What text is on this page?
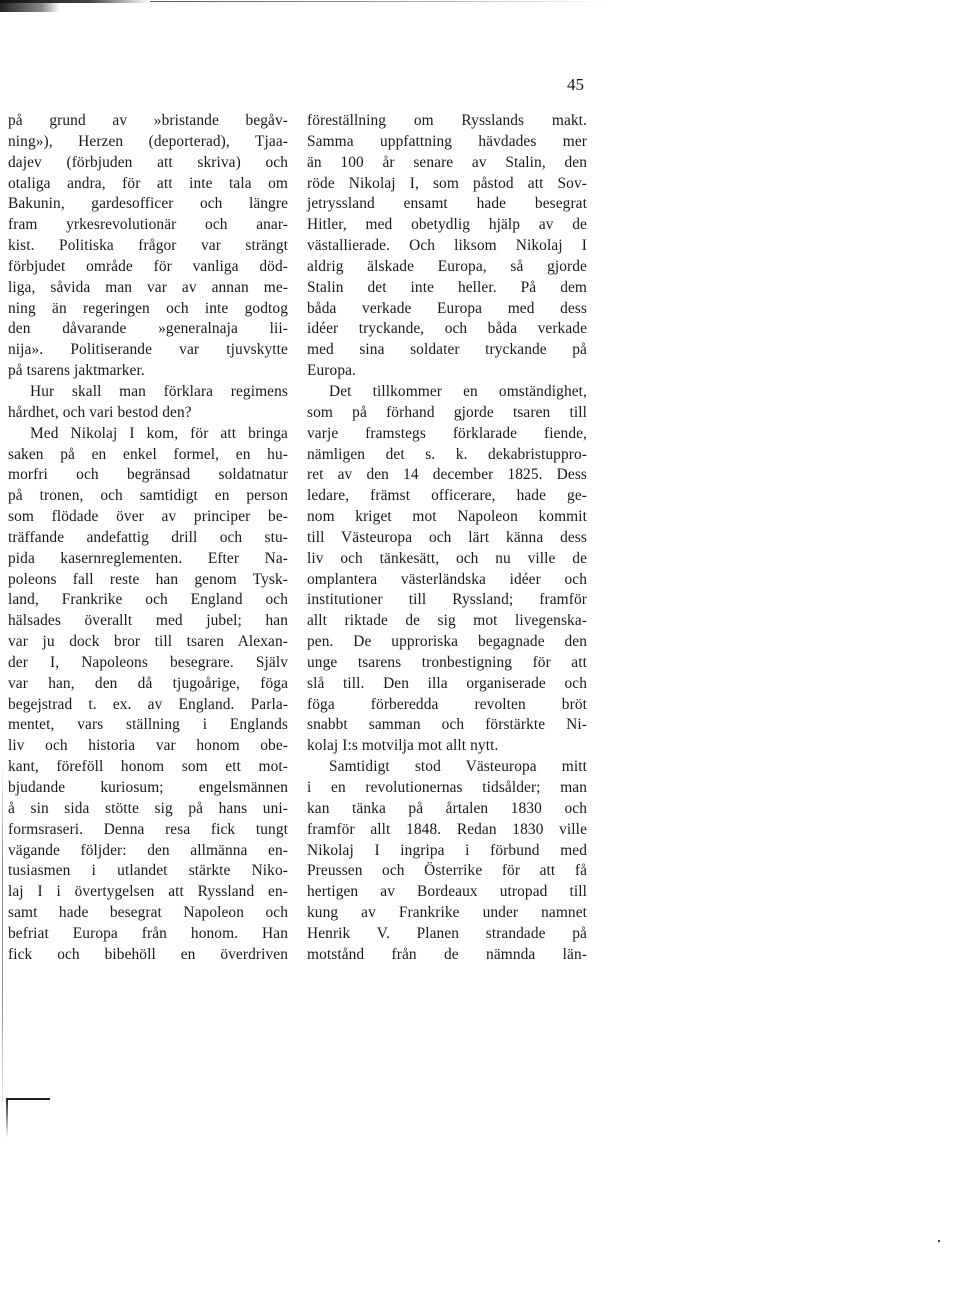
45
på grund av »bristande begåv-
ning»), Herzen (deporterad), Tjaa-
dajev (förbjuden att skriva) och
otaliga andra, för att inte tala om
Bakunin, gardesofficer och längre
fram yrkesrevolutionär och anar-
kist. Politiska frågor var strängt
förbjudet område för vanliga död-
liga, såvida man var av annan me-
ning än regeringen och inte godtog
den dåvarande »generalnaja lii-
nija». Politiserande var tjuvskytte
på tsarens jaktmarker.
Hur skall man förklara regimens
hårdhet, och vari bestod den?
Med Nikolaj I kom, för att bringa
saken på en enkel formel, en hu-
morfri och begränsad soldatnatur
på tronen, och samtidigt en person
som flödade över av principer be-
träffande andefattig drill och stu-
pida kasernreglementen. Efter Na-
poleons fall reste han genom Tysk-
land, Frankrike och England och
hälsades överallt med jubel; han
var ju dock bror till tsaren Alexan-
der I, Napoleons besegrare. Själv
var han, den då tjugoårige, föga
begejstrad t. ex. av England. Parla-
mentet, vars ställning i Englands
liv och historia var honom obe-
kant, föreföll honom som ett mot-
bjudande kuriosum; engelsmännen
å sin sida stötte sig på hans uni-
formsraseri. Denna resa fick tungt
vägande följder: den allmänna en-
tusiasmen i utlandet stärkte Niko-
laj I i övertygelsen att Ryssland en-
samt hade besegrat Napoleon och
befriat Europa från honom. Han
fick och bibehöll en överdriven
föreställning om Rysslands makt.
Samma uppfattning hävdades mer
än 100 år senare av Stalin, den
röde Nikolaj I, som påstod att Sov-
jetryssland ensamt hade besegrat
Hitler, med obetydlig hjälp av de
västallierade. Och liksom Nikolaj I
aldrig älskade Europa, så gjorde
Stalin det inte heller. På dem
båda verkade Europa med dess
idéer tryckande, och båda verkade
med sina soldater tryckande på
Europa.
Det tillkommer en omständighet,
som på förhand gjorde tsaren till
varje framstegs förklarade fiende,
nämligen det s. k. dekabristuppro-
ret av den 14 december 1825. Dess
ledare, främst officerare, hade ge-
nom kriget mot Napoleon kommit
till Västeuropa och lärt känna dess
liv och tänkesätt, och nu ville de
omplantera västerländska idéer och
institutioner till Ryssland; framför
allt riktade de sig mot livegenska-
pen. De upproriska begagnade den
unge tsarens tronbestigning för att
slå till. Den illa organiserade och
föga förberedda revolten bröt
snabbt samman och förstärkte Ni-
kolaj I:s motvilja mot allt nytt.
Samtidigt stod Västeuropa mitt
i en revolutionernas tidsålder; man
kan tänka på årtalen 1830 och
framför allt 1848. Redan 1830 ville
Nikolaj I ingripa i förbund med
Preussen och Österrike för att få
hertigen av Bordeaux utropad till
kung av Frankrike under namnet
Henrik V. Planen strandade på
motstånd från de nämnda län-
